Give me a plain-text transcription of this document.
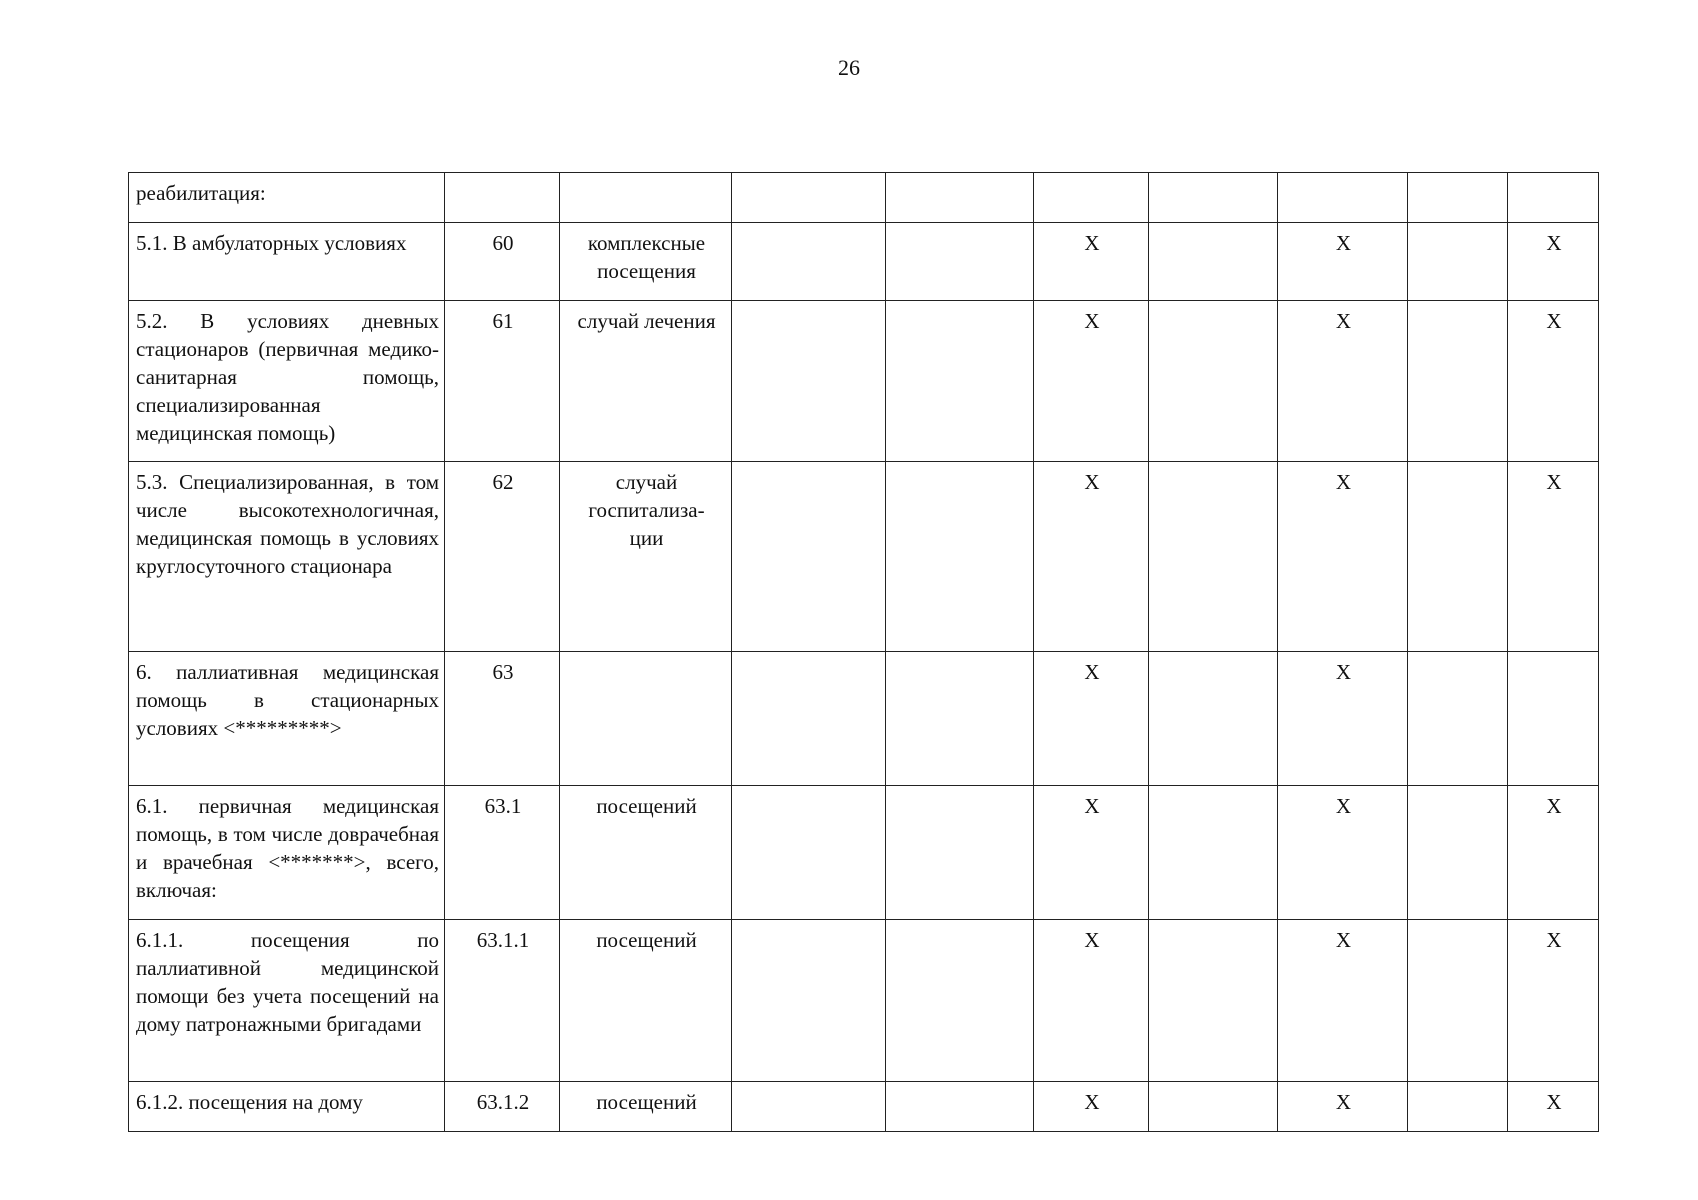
26
реабилитация:									

5.1. В амбулаторных условиях	60	комплексные посещения			X		X		X

5.2. В условиях дневных стационаров (первичная медико-санитарная помощь, специализированная медицинская помощь)	61	случай лечения			X		X		X

5.3. Специализированная, в том числе высокотехнологичная, медицинская помощь в условиях круглосуточного стационара	62	случай госпитализа-
ции			X		X		X

6. паллиативная медицинская помощь в стационарных условиях <*********>	63				X		X		

6.1. первичная медицинская помощь, в том числе доврачебная и врачебная <*******>, всего, включая:	63.1	посещений			X		X		X

6.1.1. посещения по паллиативной медицинской помощи без учета посещений на дому патронажными бригадами	63.1.1	посещений			X		X		X

6.1.2. посещения на дому	63.1.2	посещений			X		X		X
